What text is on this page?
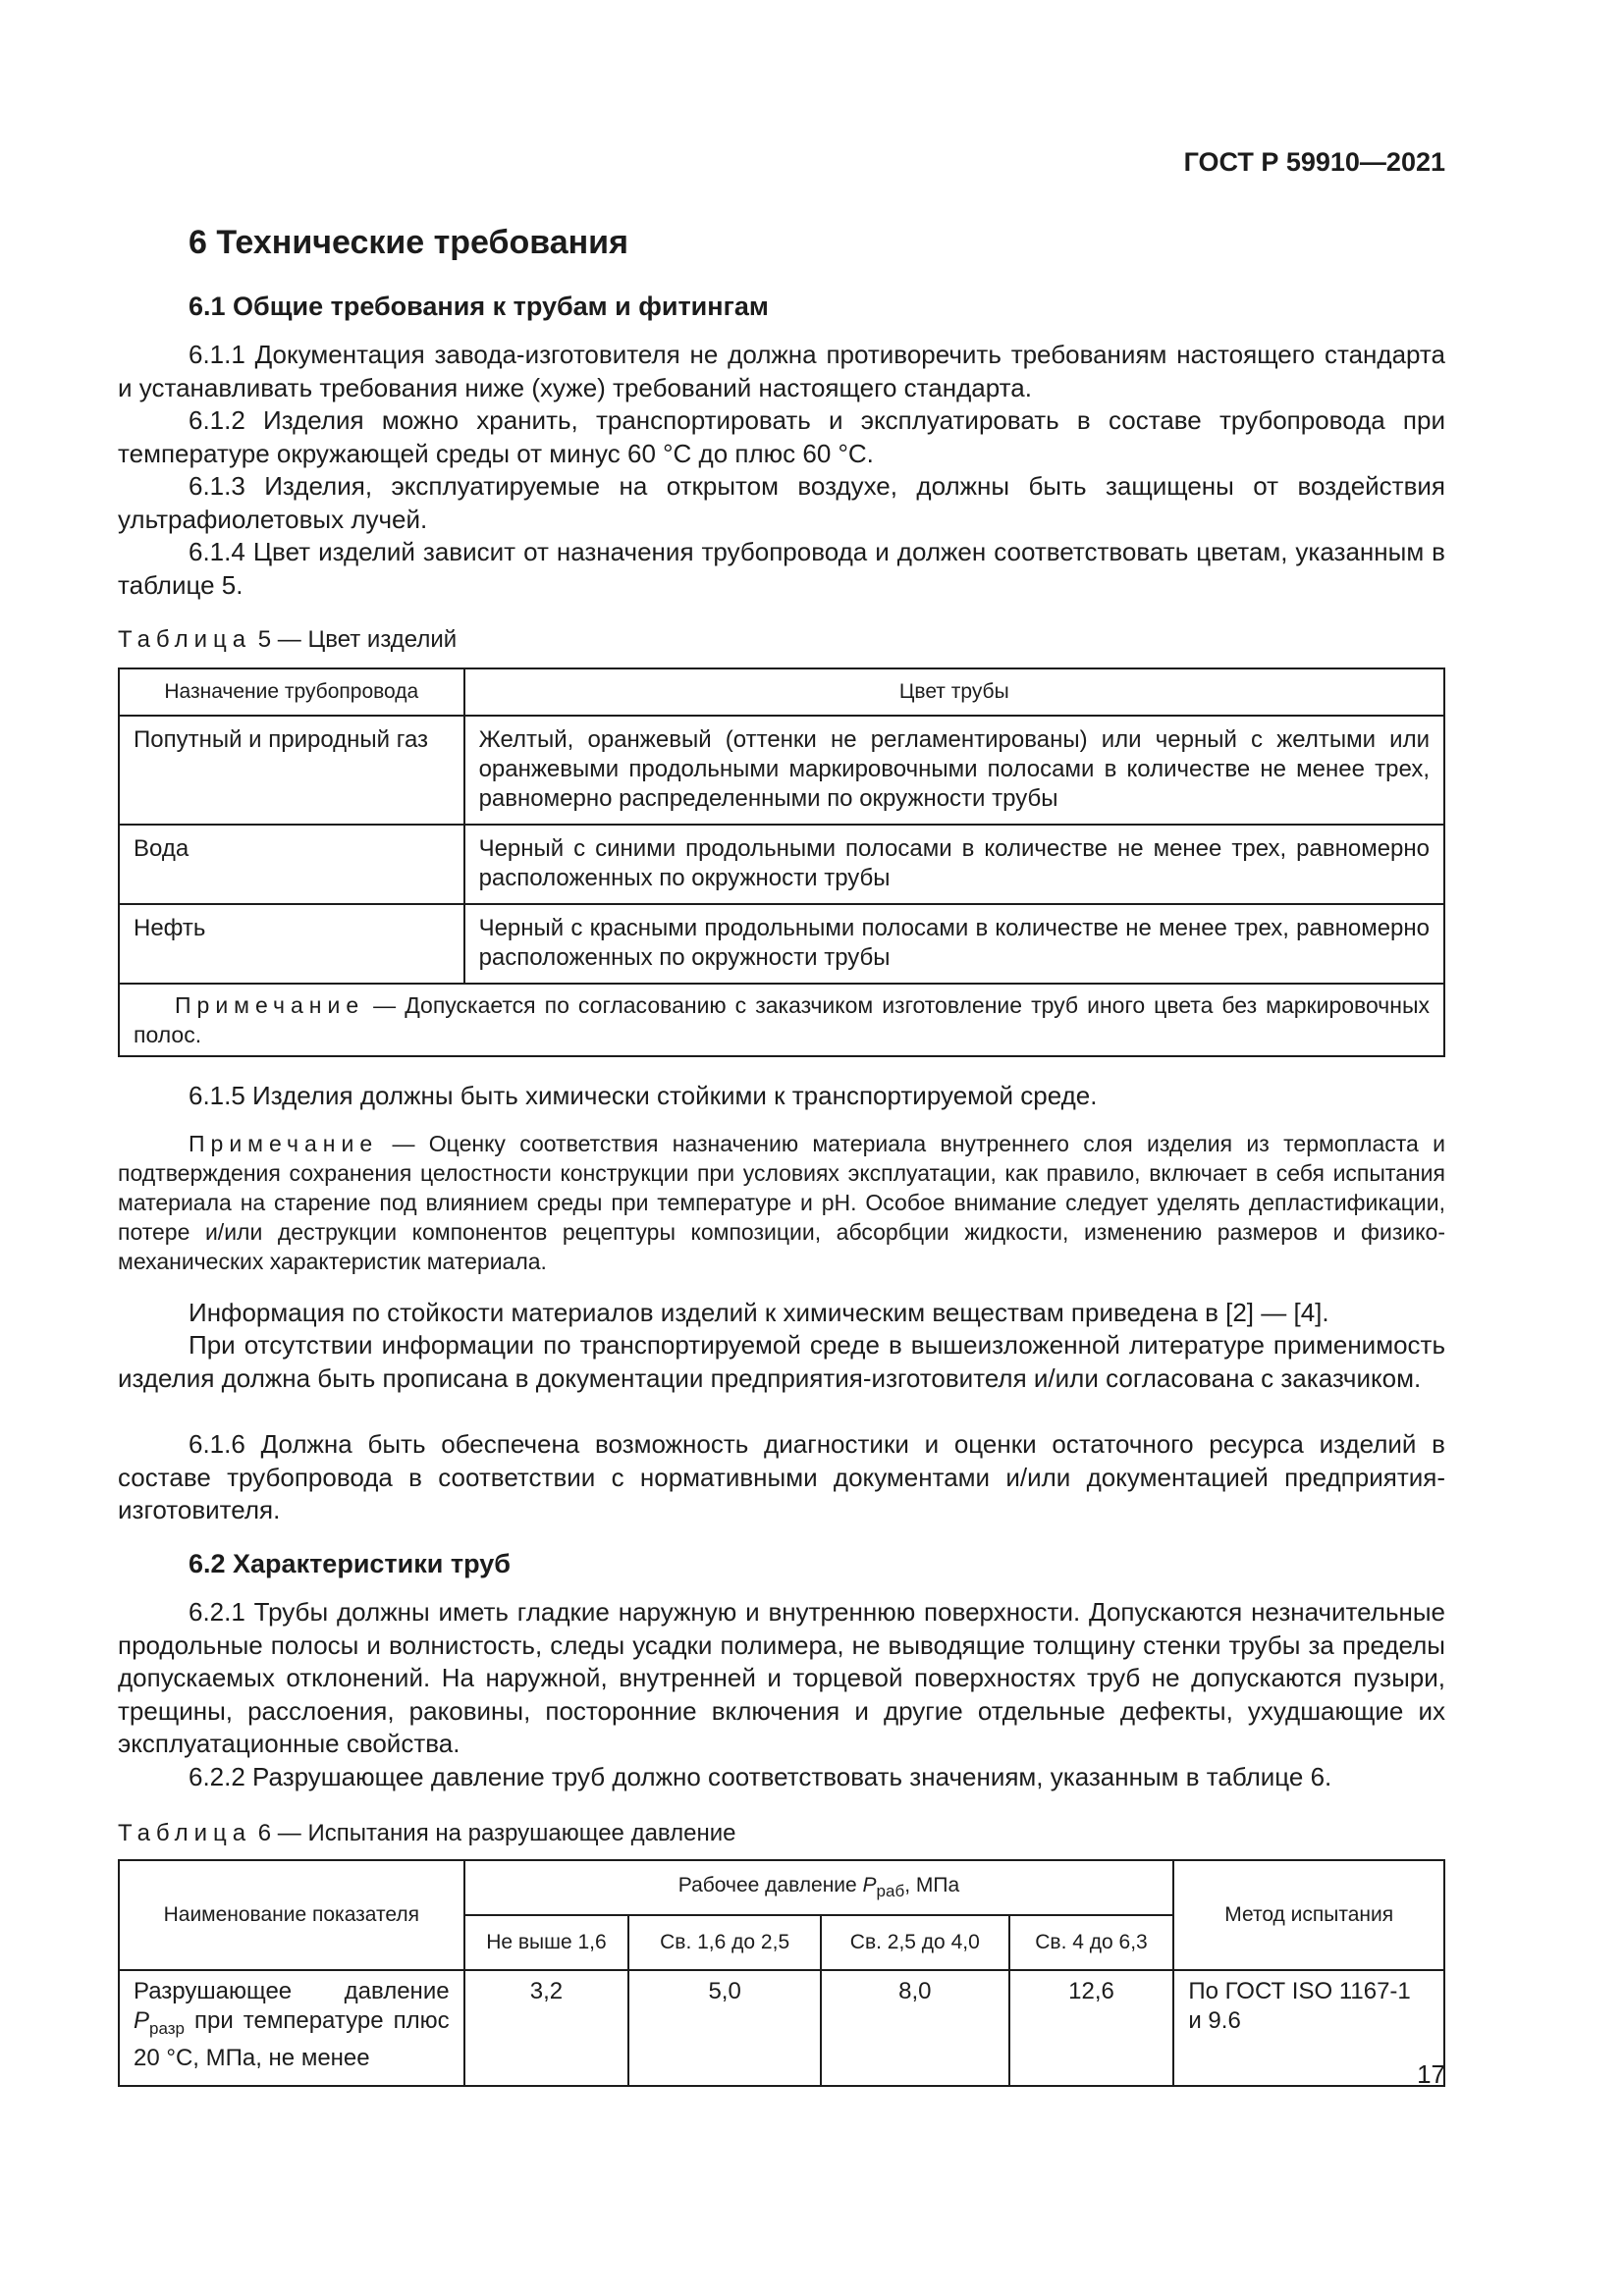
ГОСТ Р 59910—2021
6 Технические требования
6.1 Общие требования к трубам и фитингам

6.1.1 Документация завода-изготовителя не должна противоречить требованиям настоящего стандарта и устанавливать требования ниже (хуже) требований настоящего стандарта.

6.1.2 Изделия можно хранить, транспортировать и эксплуатировать в составе трубопровода при температуре окружающей среды от минус 60 °С до плюс 60 °С.

6.1.3 Изделия, эксплуатируемые на открытом воздухе, должны быть защищены от воздействия ультрафиолетовых лучей.

6.1.4 Цвет изделий зависит от назначения трубопровода и должен соответствовать цветам, указанным в таблице 5.

Таблица 5 — Цвет изделий

Назначение трубопровода	Цвет трубы
Попутный и природный газ	Желтый, оранжевый (оттенки не регламентированы) или черный с желтыми или оранжевыми продольными маркировочными полосами в количестве не менее трех, равномерно распределенными по окружности трубы
Вода	Черный с синими продольными полосами в количестве не менее трех, равномерно расположенных по окружности трубы
Нефть	Черный с красными продольными полосами в количестве не менее трех, равномерно расположенных по окружности трубы
Примечание — Допускается по согласованию с заказчиком изготовление труб иного цвета без маркировочных полос.	

6.1.5 Изделия должны быть химически стойкими к транспортируемой среде.

Примечание — Оценку соответствия назначению материала внутреннего слоя изделия из термопласта и подтверждения сохранения целостности конструкции при условиях эксплуатации, как правило, включает в себя испытания материала на старение под влиянием среды при температуре и pH. Особое внимание следует уделять депластификации, потере и/или деструкции компонентов рецептуры композиции, абсорбции жидкости, изменению размеров и физико-механических характеристик материала.

Информация по стойкости материалов изделий к химическим веществам приведена в [2] — [4].

При отсутствии информации по транспортируемой среде в вышеизложенной литературе применимость изделия должна быть прописана в документации предприятия-изготовителя и/или согласована с заказчиком.

6.1.6 Должна быть обеспечена возможность диагностики и оценки остаточного ресурса изделий в составе трубопровода в соответствии с нормативными документами и/или документацией предприятия-изготовителя.

6.2 Характеристики труб

6.2.1 Трубы должны иметь гладкие наружную и внутреннюю поверхности. Допускаются незначительные продольные полосы и волнистость, следы усадки полимера, не выводящие толщину стенки трубы за пределы допускаемых отклонений. На наружной, внутренней и торцевой поверхностях труб не допускаются пузыри, трещины, расслоения, раковины, посторонние включения и другие отдельные дефекты, ухудшающие их эксплуатационные свойства.

6.2.2 Разрушающее давление труб должно соответствовать значениям, указанным в таблице 6.

Таблица 6 — Испытания на разрушающее давление

Наименование показателя	Рабочее давление $P_{раб}$, МПа				Метод испытания
	Не выше 1,6	Св. 1,6 до 2,5	Св. 2,5 до 4,0	Св. 4 до 6,3	
Разрушающее давление $P_{разр}$ при температуре плюс 20 °С, МПа, не менее	3,2	5,0	8,0	12,6	По ГОСТ ISO 1167-1 и 9.6
17
